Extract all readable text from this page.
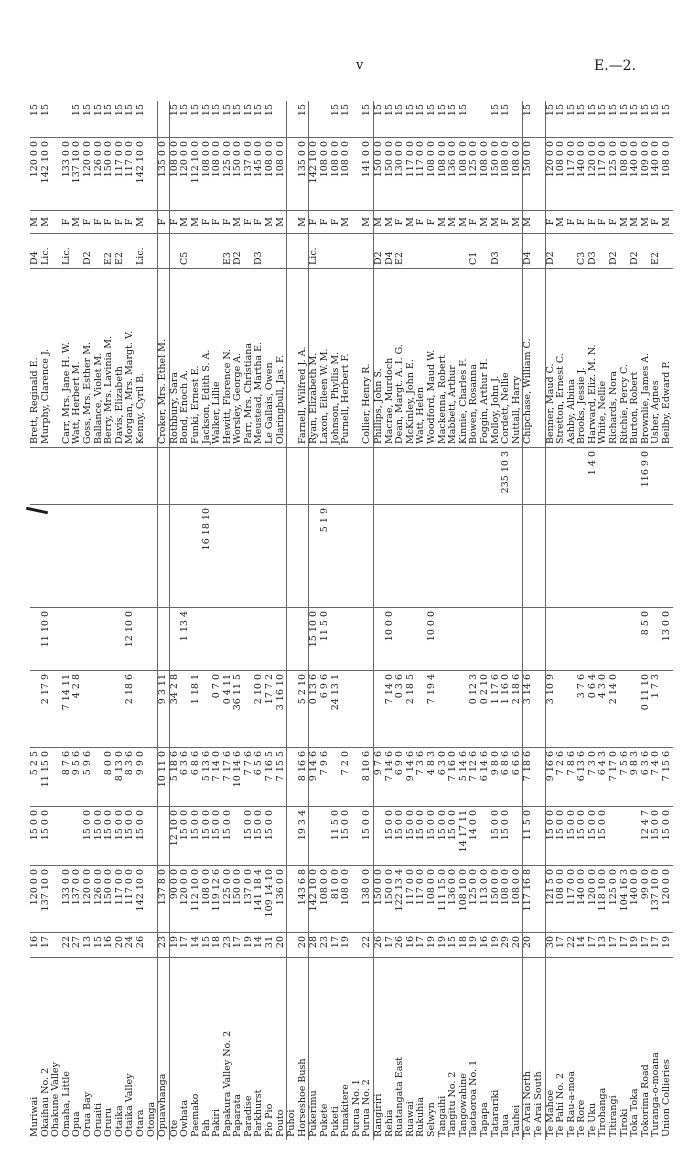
v	E.—2.
Muriwai	16	120 0 0	15 0 0	5 2 5					Brett, Reginald E.	D4	M	120 0 0	15
Okaihau No. 2	17	137 10 0	15 0 0	11 15 0	2 17 9	11 10 0			Murphy, Clarence J.	Lic.	M	142 10 0	15
Ohakune Valley													
Omaha, Little	22	133 0 0		8 7 6	7 14 11				Carr, Mrs. Jane H. W.	Lic.	F	133 0 0	
Opua	27	137 0 0		9 5 6	4 2 8				Watt, Herbert M.		M	137 10 0	15
Orua Bay	13	120 0 0	15 0 0	5 9 6					Goss, Mrs. Esther M.	D2	F	120 0 0	15
Oruaiti	15	126 0 0	15 0 0						Ballance, Violet M.		F	126 0 0	15
Oruru	16	150 0 0	15 0 0	8 0 0					Berry, Mrs. Lavinia M.	E2	F	150 0 0	15
Otaika	20	117 0 0	15 0 0	8 13 0					Davis, Elizabeth	E2	F	117 0 0	15
Otaika Valley	24	117 0 0	15 0 0	8 3 6	2 18 6	12 10 0			Morgan, Mrs. Margt. V.		F	117 0 0	15
Otara	26	142 10 0	15 0 0	9 9 0					Kenny, Cyril B.	Lic.	M	142 10 0	15
Otonga													
Opuawhanga	23	137 8 0		10 11 0	9 3 11				Croker, Mrs. Ethel M.		F	135 0 0	
Ote	19	90 0 0	12 10 0	5 18 6	34 2 8				Rothbury, Sara		F	108 0 0	15
Owhata	17	120 0 0	15 0 0	6 3 6		1 13 4			Bond, Enoch A.	C5	M	120 0 0	15
Paemako	14	112 10 0	15 0 0	6 8 6	1 18 1				Funki, Ernest E.		M	112 10 0	15
Pah	15	108 0 0	15 0 0	5 13 6			16 18 10		Jackson, Edith S. A.		F	108 0 0	15
Pakiri	18	119 12 6	15 0 0	7 14 0	0 7 0				Walker, Lillie		F	108 0 0	15
Papakura Valley No. 2	23	125 0 0	15 0 0	7 17 6	0 4 11				Hewitt, Florence N.	E3	F	125 0 0	15
Paparata	17	150 0 0		10 14 6	36 11 5				Worsley, George A.	D2	M	150 0 0	15
Paradise	19	137 0 0	15 0 0	7 7 6					Parr, Mrs. Christiana		F	137 0 0	15
Parkhurst	14	141 18 4	15 0 0	6 5 6	2 10 0				Meustead, Martha E.	D3	F	145 0 0	15
Pio Pio	31	109 14 10	15 0 0	7 16 5	17 7 2				Le Gallais, Owen		M	108 0 0	15
Pouto	20	136 0 0		7 15 5	3 16 10				Olaringbull, Jas. F.		M	108 0 0	
Puhoi													
Horseshoe Bush	20	143 6 8	19 3 4	8 16 6	5 2 10				Farnell, Wilfred J. A.		M	135 0 0	15
Pukerimu	28	142 10 0		9 14 6	0 13 6	15 10 0			Ryan, Elizabeth M.	Lic.	F	142 10 0	
Pukete	23	108 0 0		7 9 6	6 9 6	11 5 0	5 1 9		Laxon, Eileen W. M.		F	108 0 0	
Puketi	17	81 0 0	11 5 0		24 13 1				Johnson, Phyllis M.		F	108 0 0	15
Punakitere	19	108 0 0	15 0 0	7 2 0					Purnell, Herbert F.		M	108 0 0	15
Purua No. 1													
Purua No. 2	22	138 0 0	15 0 0	8 10 6					Collier, Henry R.		M	141 0 0	15
Rangiriri	26	150 0 0		9 7 6					Phillips, John S.	D2	M	150 0 0	15
Rehia	17	150 0 0	15 0 0	7 14 6	7 14 0	10 0 0			Macrae, Murdoch	D4	M	150 0 0	15
Ruatangata East	26	122 13 4	15 0 0	6 9 0	0 3 6				Dean, Margt. A. I. G.	E2	F	130 0 0	15
Ruawai	16	117 0 0	15 0 0	9 14 6	2 18 5				McKinley, John E.		M	117 0 0	15
Rukuhia	17	117 0 0	15 0 0	7 3 6					Watt, Helen		F	117 0 0	15
Selwyn	19	108 0 0	15 0 0	4 8 3	7 19 4	10 0 0			Woodford, Maud W.		F	108 0 0	15
Tangaihi	19	111 15 0	15 0 0	6 3 0					Mackenna, Robert		M	108 0 0	15
Tangitu No. 2	15	136 0 0	15 0 0	7 16 0					Mabbett, Arthur		M	136 0 0	15
Tangowahine	18	108 10 0	14 17 11	5 14 6					Kinnie, Charles F.		M	108 0 0	15
Taotaoroa No. 1	19	125 0 0	14 0 0	7 12 6	0 12 3				Bowen, Rosanna	C1	F	125 0 0	
Tapapa	16	113 0 0		6 14 6	0 2 10				Foggin, Arthur H.		M	108 0 0	
Tatarariki	19	150 0 0	15 0 0	9 8 0	1 17 6				Molloy, John J.	D3	M	150 0 0	15
Taua	29	108 0 0	15 0 0	6 8 6	1 16 0			235 10 3	Cordett, Nellie		F	108 0 0	15
Tauhei	20	108 0 0		6 6 6	2 18 6				Nuttall, Harry		M	108 0 0	
Te Arai North	20	117 16 8	11 5 0	7 18 6	3 14 6				Chipchase, William C.	D4	M	150 0 0	15
Te Arai South													
Te Mahoe	30	121 5 0	15 0 0	9 16 6	3 10 9				Benner, Maud C.	D2	F	120 0 0	15
Te Pahi No. 2	17	108 0 0	15 0 0	7 2 6					Stretton, Ernest C.		M	108 0 0	15
Te Rau-a-moa	22	117 0 0	15 0 0	7 8 6					Ashby, Albina		F	117 0 0	15
Te Rore	14	140 0 0	15 0 0	6 13 6	3 7 6				Brooks, Jessie J.	C3	F	140 0 0	15
Te Uku	17	120 0 0	15 0 0	7 3 0	0 6 4			1 4 0	Harward, Eliz. M. N.	D3	F	120 0 0	15
Tirohanga	13	118 10 0	15 0 0	6 4 3	4 3 0				White, Nellie		F	117 0 0	15
Titirangi	17	125 0 0		7 17 0	2 14 0				Richards, Nora	D2	F	125 0 0	15
Tiroki	17	104 16 3		7 5 6					Ritchie, Percy C.		M	108 0 0	15
Toka Toka	19	140 0 0		9 8 3					Burton, Robert	D2	M	140 0 0	15
Tokorima Road	17	99 0 0	12 4 7	6 3 6	0 11 10	8 5 0		116 9 0	Brownlie, James A.		M	109 0 0	15
Turanga-o-moana	17	137 10 0	15 0 0	7 4 0	1 7 3				Usher, Agnes	E2	F	140 0 0	15
Union Collieries	19	120 0 0	15 0 0	7 15 6		13 0 0			Beilby, Edward P.		M	108 0 0	15
